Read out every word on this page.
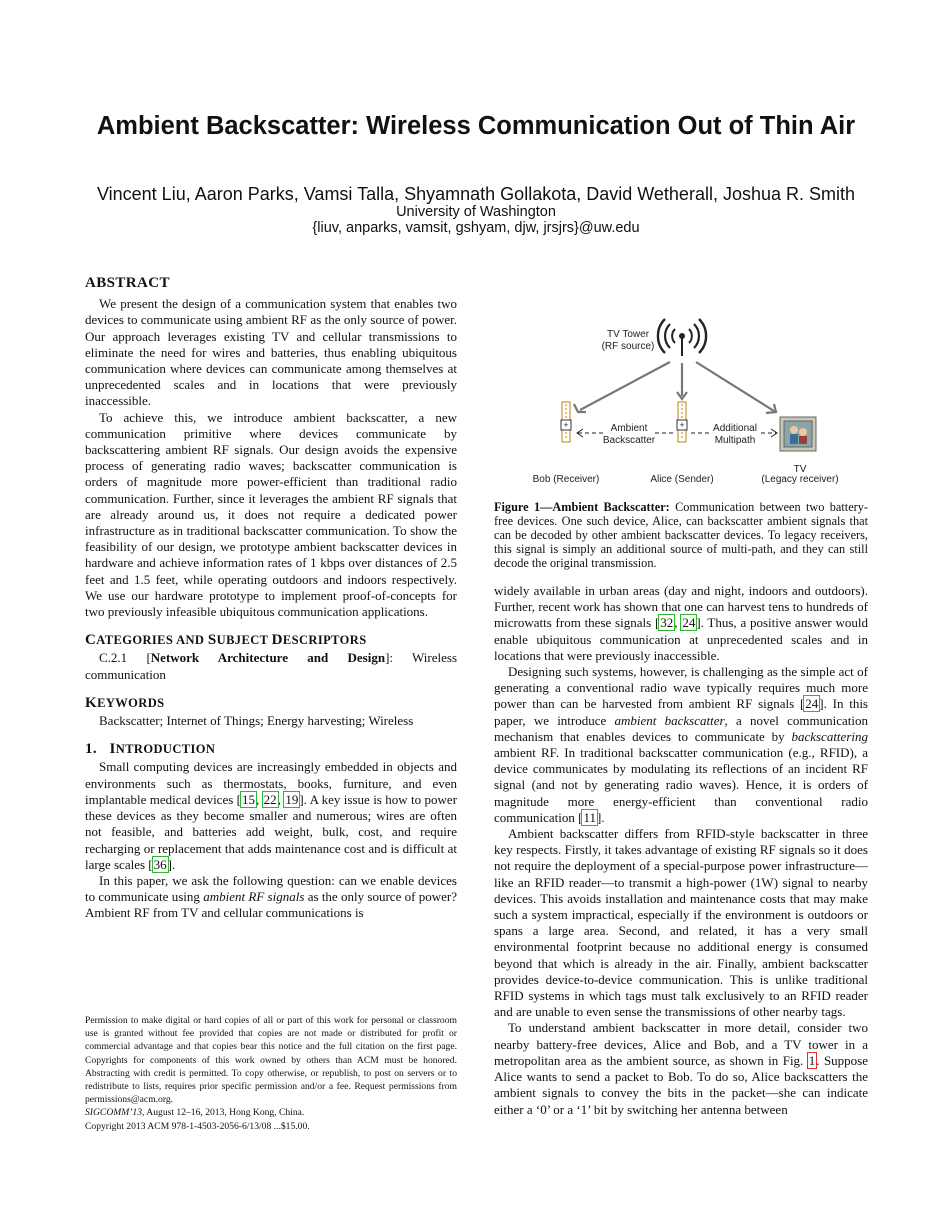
Ambient Backscatter: Wireless Communication Out of Thin Air
Vincent Liu, Aaron Parks, Vamsi Talla, Shyamnath Gollakota, David Wetherall, Joshua R. Smith
University of Washington
{liuv, anparks, vamsit, gshyam, djw, jrsjrs}@uw.edu
ABSTRACT

We present the design of a communication system that enables two devices to communicate using ambient RF as the only source of power. Our approach leverages existing TV and cellular transmissions to eliminate the need for wires and batteries, thus enabling ubiquitous communication where devices can communicate among themselves at unprecedented scales and in locations that were previously inaccessible.

To achieve this, we introduce ambient backscatter, a new communication primitive where devices communicate by backscattering ambient RF signals. Our design avoids the expensive process of generating radio waves; backscatter communication is orders of magnitude more power-efficient than traditional radio communication. Further, since it leverages the ambient RF signals that are already around us, it does not require a dedicated power infrastructure as in traditional backscatter communication. To show the feasibility of our design, we prototype ambient backscatter devices in hardware and achieve information rates of 1 kbps over distances of 2.5 feet and 1.5 feet, while operating outdoors and indoors respectively. We use our hardware prototype to implement proof-of-concepts for two previously infeasible ubiquitous communication applications.

CATEGORIES AND SUBJECT DESCRIPTORS

C.2.1 [Network Architecture and Design]: Wireless communication

KEYWORDS

Backscatter; Internet of Things; Energy harvesting; Wireless

1. INTRODUCTION

Small computing devices are increasingly embedded in objects and environments such as thermostats, books, furniture, and even implantable medical devices [15, 22, 19]. A key issue is how to power these devices as they become smaller and numerous; wires are often not feasible, and batteries add weight, bulk, cost, and require recharging or replacement that adds maintenance cost and is difficult at large scales [36].

In this paper, we ask the following question: can we enable devices to communicate using ambient RF signals as the only source of power? Ambient RF from TV and cellular communications is

Permission to make digital or hard copies of all or part of this work for personal or classroom use is granted without fee provided that copies are not made or distributed for profit or commercial advantage and that copies bear this notice and the full citation on the first page. Copyrights for components of this work owned by others than ACM must be honored. Abstracting with credit is permitted. To copy otherwise, or republish, to post on servers or to redistribute to lists, requires prior specific permission and/or a fee. Request permissions from permissions@acm.org.

SIGCOMM’13, August 12–16, 2013, Hong Kong, China.

Copyright 2013 ACM 978-1-4503-2056-6/13/08 ...$15.00.

TV Tower
(RF source)
+	+
Ambient
Backscatter
Additional
Multipath
Bob (Receiver)	Alice (Sender)
TV
(Legacy receiver)

Figure 1—Ambient Backscatter: Communication between two battery-free devices. One such device, Alice, can backscatter ambient signals that can be decoded by other ambient backscatter devices. To legacy receivers, this signal is simply an additional source of multi-path, and they can still decode the original transmission.

widely available in urban areas (day and night, indoors and outdoors). Further, recent work has shown that one can harvest tens to hundreds of microwatts from these signals [32, 24]. Thus, a positive answer would enable ubiquitous communication at unprecedented scales and in locations that were previously inaccessible.

Designing such systems, however, is challenging as the simple act of generating a conventional radio wave typically requires much more power than can be harvested from ambient RF signals [24]. In this paper, we introduce ambient backscatter, a novel communication mechanism that enables devices to communicate by backscattering ambient RF. In traditional backscatter communication (e.g., RFID), a device communicates by modulating its reflections of an incident RF signal (and not by generating radio waves). Hence, it is orders of magnitude more energy-efficient than conventional radio communication [11].

Ambient backscatter differs from RFID-style backscatter in three key respects. Firstly, it takes advantage of existing RF signals so it does not require the deployment of a special-purpose power infrastructure—like an RFID reader—to transmit a high-power (1W) signal to nearby devices. This avoids installation and maintenance costs that may make such a system impractical, especially if the environment is outdoors or spans a large area. Second, and related, it has a very small environmental footprint because no additional energy is consumed beyond that which is already in the air. Finally, ambient backscatter provides device-to-device communication. This is unlike traditional RFID systems in which tags must talk exclusively to an RFID reader and are unable to even sense the transmissions of other nearby tags.

To understand ambient backscatter in more detail, consider two nearby battery-free devices, Alice and Bob, and a TV tower in a metropolitan area as the ambient source, as shown in Fig. 1. Suppose Alice wants to send a packet to Bob. To do so, Alice backscatters the ambient signals to convey the bits in the packet—she can indicate either a ‘0’ or a ‘1’ bit by switching her antenna between
